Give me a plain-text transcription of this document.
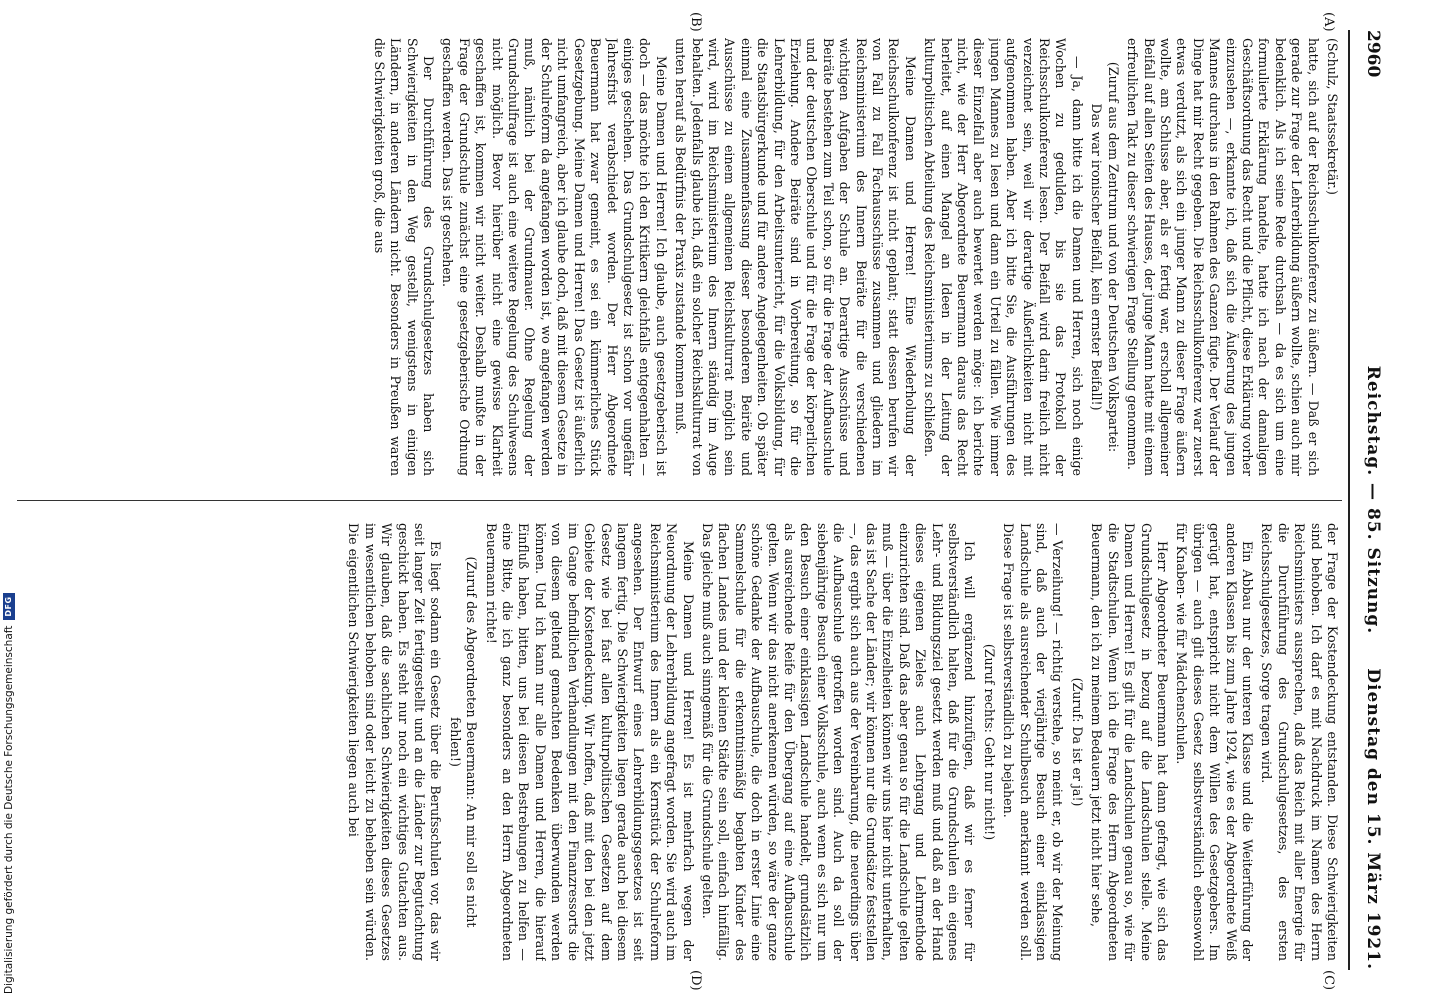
2960
Reichstag. — 85. Sitzung.
Dienstag den 15. März 1921.
(A)
(B)
(C)
(D)

(Schulz, Staatssekretär.)

hatte, sich auf der Reichsschulkonferenz zu äußern. — Daß er sich gerade zur Frage der Lehrerbildung äußern wollte, schien auch mir bedenklich. Als ich seine Rede durchsah — da es sich um eine formulierte Erklärung handelte, hatte ich nach der damaligen Geschäftsordnung das Recht und die Pflicht, diese Erklärung vorher einzusehen —, erkannte ich, daß sich die Äußerung des jungen Mannes durchaus in den Rahmen des Ganzen fügte. Der Verlauf der Dinge hat mir Recht gegeben. Die Reichsschulkonferenz war zuerst etwas verdutzt, als sich ein junger Mann zu dieser Frage äußern wollte, am Schlusse aber, als er fertig war, erscholl allgemeiner Beifall auf allen Seiten des Hauses, der junge Mann hatte mit einem erfreulichen Takt zu dieser schwierigen Frage Stellung genommen.

(Zuruf aus dem Zentrum und von der Deutschen Volkspartei: Das war ironischer Beifall, kein ernster Beifall!)

— Ja, dann bitte ich die Damen und Herren, sich noch einige Wochen zu gedulden, bis sie das Protokoll der Reichsschulkonferenz lesen. Der Beifall wird darin freilich nicht verzeichnet sein, weil wir derartige Äußerlichkeiten nicht mit aufgenommen haben. Aber ich bitte Sie, die Ausführungen des jungen Mannes zu lesen und dann ein Urteil zu fällen. Wie immer dieser Einzelfall aber auch bewertet werden möge: ich berichte nicht, wie der Herr Abgeordnete Beuermann daraus das Recht herleitet, auf einen Mangel an Ideen in der Leitung der kulturpolitischen Abteilung des Reichsministeriums zu schließen.

Meine Damen und Herren! Eine Wiederholung der Reichsschulkonferenz ist nicht geplant; statt dessen berufen wir von Fall zu Fall Fachausschüsse zusammen und gliedern im Reichsministerium des Innern Beiräte für die verschiedenen wichtigen Aufgaben der Schule an. Derartige Ausschüsse und Beiräte bestehen zum Teil schon, so für die Frage der Aufbauschule und der deutschen Oberschule und für die Frage der körperlichen Erziehung. Andere Beiräte sind in Vorbereitung, so für die Lehrerbildung, für den Arbeitsunterricht, für die Volksbildung, für die Staatsbürgerkunde und für andere Angelegenheiten. Ob später einmal eine Zusammenfassung dieser besonderen Beiräte und Ausschüsse zu einem allgemeinen Reichskulturrat möglich sein wird, wird im Reichsministerium des Innern ständig im Auge behalten. Jedenfalls glaube ich, daß ein solcher Reichskulturrat von unten herauf als Bedürfnis der Praxis zustande kommen muß.

Meine Damen und Herren! Ich glaube, auch gesetzgeberisch ist doch — das möchte ich den Kritikern gleichfalls entgegenhalten — einiges geschehen. Das Grundschulgesetz ist schon vor ungefähr Jahresfrist verabschiedet worden. Der Herr Abgeordnete Beuermann hat zwar gemeint, es sei ein kümmerliches Stück Gesetzgebung. Meine Damen und Herren! Das Gesetz ist äußerlich nicht umfangreich, aber ich glaube doch, daß mit diesem Gesetze in der Schulreform da angefangen worden ist, wo angefangen werden muß, nämlich bei der Grundmauer. Ohne Regelung der Grundschulfrage ist auch eine weitere Regelung des Schulwesens nicht möglich. Bevor hierüber nicht eine gewisse Klarheit geschaffen ist, kommen wir nicht weiter. Deshalb mußte in der Frage der Grundschule zunächst eine gesetzgeberische Ordnung geschaffen werden. Das ist geschehen.

Der Durchführung des Grundschulgesetzes haben sich Schwierigkeiten in den Weg gestellt, wenigstens in einigen Ländern, in anderen Ländern nicht. Besonders in Preußen waren die Schwierigkeiten groß, die aus

der Frage der Kostendeckung entstanden. Diese Schwierigkeiten sind behoben. Ich darf es mit Nachdruck im Namen des Herrn Reichsministers aussprechen, daß das Reich mit aller Energie für die Durchführung des Grundschulgesetzes, des ersten Reichsschulgesetzes, Sorge tragen wird.

Ein Abbau nur der unteren Klasse und die Weiterführung der anderen Klassen bis zum Jahre 1924, wie es der Abgeordnete Weiß gerügt hat, entspricht nicht dem Willen des Gesetzgebers. Im übrigen — auch gilt dieses Gesetz selbstverständlich ebensowohl für Knaben- wie für Mädchenschulen.

Herr Abgeordneter Beuermann hat dann gefragt, wie sich das Grundschulgesetz in bezug auf die Landschulen stelle. Meine Damen und Herren! Es gilt für die Landschulen genau so, wie für die Stadtschulen. Wenn ich die Frage des Herrn Abgeordneten Beuermann, den ich zu meinem Bedauern jetzt nicht hier sehe,

(Zuruf: Da ist er ja!)

— Verzeihung! — richtig verstehe, so meint er, ob wir der Meinung sind, daß auch der vierjährige Besuch einer einklassigen Landschule als ausreichender Schulbesuch anerkannt werden soll. Diese Frage ist selbstverständlich zu bejahen.

(Zuruf rechts: Geht nur nicht!)

Ich will ergänzend hinzufügen, daß wir es ferner für selbstverständlich halten, daß für die Grundschulen ein eigenes Lehr- und Bildungsziel gesetzt werden muß und daß an der Hand dieses eigenen Zieles auch Lehrgang und Lehrmethode einzurichten sind. Daß das aber genau so für die Landschule gelten muß — über die Einzelheiten können wir uns hier nicht unterhalten, das ist Sache der Länder; wir können nur die Grundsätze feststellen —, das ergibt sich auch aus der Vereinbarung, die neuerdings über die Aufbauschule getroffen worden sind. Auch da soll der siebenjährige Besuch einer Volksschule, auch wenn es sich nur um den Besuch einer einklassigen Landschule handelt, grundsätzlich als ausreichende Reife für den Übergang auf eine Aufbauschule gelten. Wenn wir das nicht anerkennen würden, so wäre der ganze schöne Gedanke der Aufbauschule, die doch in erster Linie eine Sammelschule für die erkenntnismäßig begabten Kinder des flachen Landes und der kleinen Städte sein soll, einfach hinfällig. Das gleiche muß auch sinngemäß für die Grundschule gelten.

Meine Damen und Herren! Es ist mehrfach wegen der Neuordnung der Lehrerbildung angefragt worden. Sie wird auch im Reichsministerium des Innern als ein Kernstück der Schulreform angesehen. Der Entwurf eines Lehrerbildungsgesetzes ist seit langem fertig. Die Schwierigkeiten liegen gerade auch bei diesem Gesetz wie bei fast allen kulturpolitischen Gesetzen auf dem Gebiete der Kostendeckung. Wir hoffen, daß mit den bei den jetzt im Gange befindlichen Verhandlungen mit den Finanzressorts die von diesem geltend gemachten Bedenken überwunden werden können. Und ich kann nur alle Damen und Herren, die hierauf Einfluß haben, bitten, uns bei diesen Bestrebungen zu helfen — eine Bitte, die ich ganz besonders an den Herrn Abgeordneten Beuermann richte!

(Zuruf des Abgeordneten Beuermann: An mir soll es nicht fehlen!)

Es liegt sodann ein Gesetz über die Berufsschulen vor, das wir seit langer Zeit fertiggestellt und an die Länder zur Begutachtung geschickt haben. Es steht nur noch ein wichtiges Gutachten aus. Wir glauben, daß die sachlichen Schwierigkeiten dieses Gesetzes im wesentlichen behoben sind oder leicht zu beheben sein würden. Die eigentlichen Schwierigkeiten liegen auch bei

Digitalisierung gefördert durch die Deutsche Forschungsgemeinschaft
DFG
